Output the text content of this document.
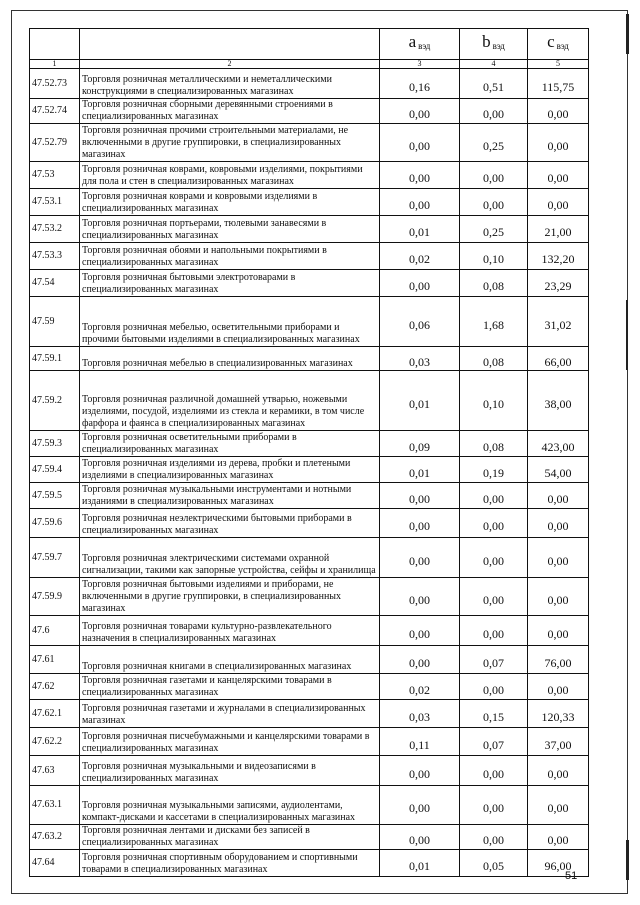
		a $_{вэд}$	b $_{вэд}$	c $_{вэд}$
1	2	3	4	5
47.52.73	Торговля розничная металлическими и неметаллическими конструкциями в специализированных магазинах	0,16	0,51	115,75
47.52.74	Торговля розничная сборными деревянными строениями в специализированных магазинах	0,00	0,00	0,00
47.52.79	Торговля розничная прочими строительными материалами, не включенными в другие группировки, в специализированных магазинах	0,00	0,25	0,00
47.53	Торговля розничная коврами, ковровыми изделиями, покрытиями для пола и стен в специализированных магазинах	0,00	0,00	0,00
47.53.1	Торговля розничная коврами и ковровыми изделиями в специализированных магазинах	0,00	0,00	0,00
47.53.2	Торговля розничная портьерами, тюлевыми занавесями в специализированных магазинах	0,01	0,25	21,00
47.53.3	Торговля розничная обоями и напольными покрытиями в специализированных магазинах	0,02	0,10	132,20
47.54	Торговля розничная бытовыми электротоварами в специализированных магазинах	0,00	0,08	23,29
47.59	Торговля розничная мебелью, осветительными приборами и прочими бытовыми изделиями в специализированных магазинах	0,06	1,68	31,02
47.59.1	Торговля розничная мебелью в специализированных магазинах	0,03	0,08	66,00
47.59.2	Торговля розничная различной домашней утварью, ножевыми изделиями, посудой, изделиями из стекла и керамики, в том числе фарфора и фаянса в специализированных магазинах	0,01	0,10	38,00
47.59.3	Торговля розничная осветительными приборами в специализированных магазинах	0,09	0,08	423,00
47.59.4	Торговля розничная изделиями из дерева, пробки и плетеными изделиями в специализированных магазинах	0,01	0,19	54,00
47.59.5	Торговля розничная музыкальными инструментами и нотными изданиями в специализированных магазинах	0,00	0,00	0,00
47.59.6	Торговля розничная неэлектрическими бытовыми приборами в специализированных магазинах	0,00	0,00	0,00
47.59.7	Торговля розничная электрическими системами охранной сигнализации, такими как запорные устройства, сейфы и хранилища	0,00	0,00	0,00
47.59.9	Торговля розничная бытовыми изделиями и приборами, не включенными в другие группировки, в специализированных магазинах	0,00	0,00	0,00
47.6	Торговля розничная товарами культурно-развлекательного назначения в специализированных магазинах	0,00	0,00	0,00
47.61	Торговля розничная книгами в специализированных магазинах	0,00	0,07	76,00
47.62	Торговля розничная газетами и канцелярскими товарами в специализированных магазинах	0,02	0,00	0,00
47.62.1	Торговля розничная газетами и журналами в специализированных магазинах	0,03	0,15	120,33
47.62.2	Торговля розничная писчебумажными и канцелярскими товарами в специализированных магазинах	0,11	0,07	37,00
47.63	Торговля розничная музыкальными и видеозаписями в специализированных магазинах	0,00	0,00	0,00
47.63.1	Торговля розничная музыкальными записями, аудиолентами, компакт-дисками и кассетами в специализированных магазинах	0,00	0,00	0,00
47.63.2	Торговля розничная лентами и дисками без записей в специализированных магазинах	0,00	0,00	0,00
47.64	Торговля розничная спортивным оборудованием и спортивными товарами в специализированных магазинах	0,01	0,05	96,00
51
